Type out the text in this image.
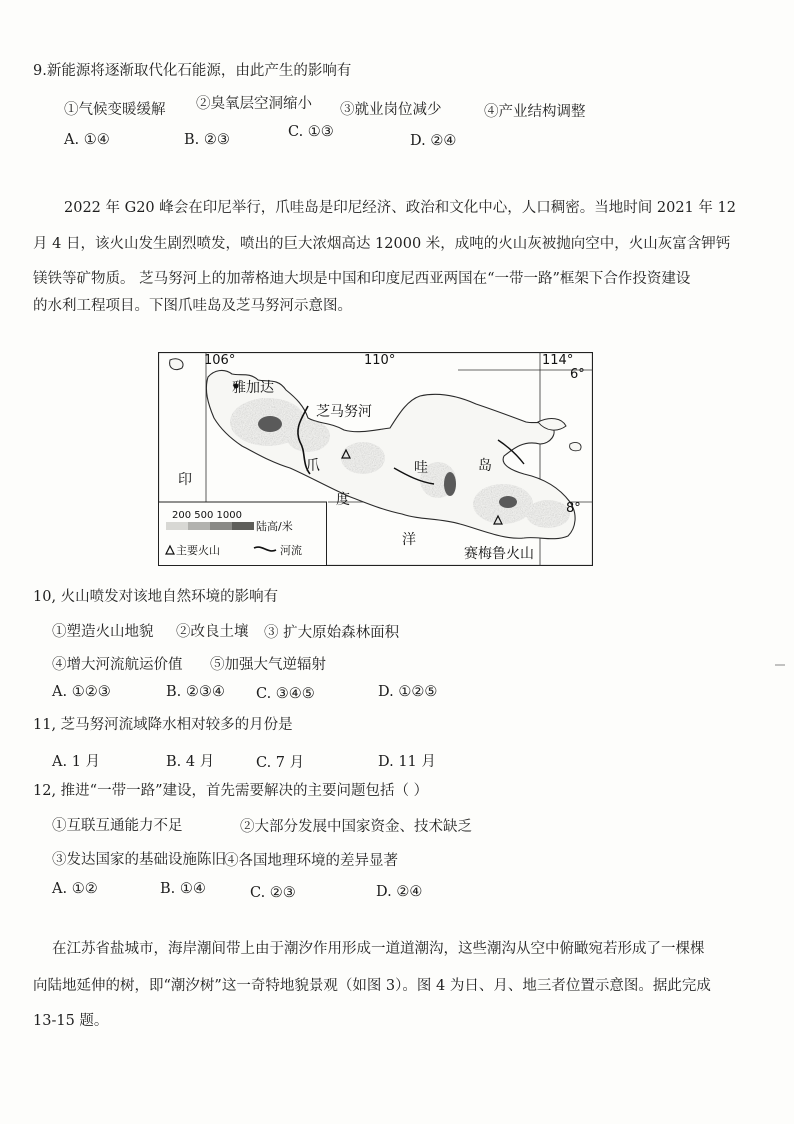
9.新能源将逐渐取代化石能源，由此产生的影响有
①气候变暖缓解 ②臭氧层空洞缩小 ③就业岗位减少	④产业结构调整
A. ①④	B. ②③	C. ①③
D. ②④
2022 年 G20 峰会在印尼举行，爪哇岛是印尼经济、政治和文化中心，人口稠密。当地时间 2021 年 12
月 4 日，该火山发生剧烈喷发，喷出的巨大浓烟高达 12000 米，成吨的火山灰被抛向空中，火山灰富含钾钙
镁铁等矿物质。 芝马努河上的加蒂格迪大坝是中国和印度尼西亚两国在“一带一路”框架下合作投资建设
的水利工程项目。下图爪哇岛及芝马努河示意图。
106°	110°	114°
6°
8°
雅加达
芝马努河
爪	哇	岛
印
度
洋
赛梅鲁火山
200 500 1000
陆高/米
主要火山	河流
10, 火山喷发对该地自然环境的影响有
①塑造火山地貌 ②改良土壤 ③ 扩大原始森林面积
④增大河流航运价值 ⑤加强大气逆辐射
A. ①②③	B. ②③④ C. ③④⑤	D. ①②⑤
11, 芝马努河流域降水相对较多的月份是
A. 1 月	B. 4 月	C. 7 月	D. 11 月
12, 推进“一带一路”建设，首先需要解决的主要问题包括（ ）
①互联互通能力不足	②大部分发展中国家资金、技术缺乏
③发达国家的基础设施陈旧
④各国地理环境的差异显著
A. ①②	B. ①④	C. ②③	D. ②④
在江苏省盐城市，海岸潮间带上由于潮汐作用形成一道道潮沟，这些潮沟从空中俯瞰宛若形成了一棵棵
向陆地延伸的树，即“潮汐树”这一奇特地貌景观（如图 3）。图 4 为日、月、地三者位置示意图。据此完成
13-15 题。
